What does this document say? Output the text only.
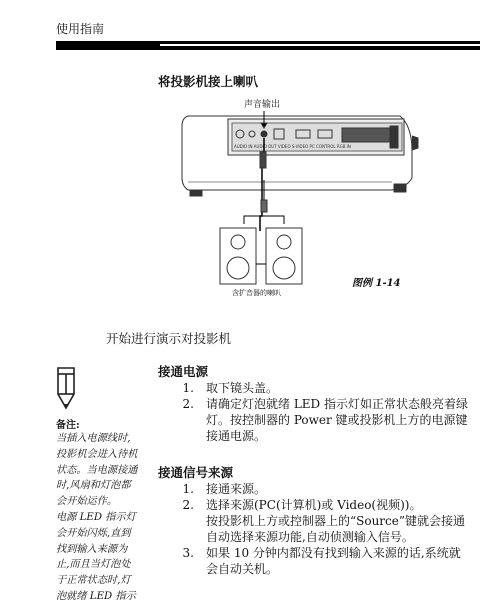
使用指南
将投影机接上喇叭
AUDIO IN AUDIO OUT VIDEO S-VIDEO PC CONTROL RGB IN
声音输出
含扩音器的喇叭
图例 1-14
开始进行演示对投影机
备注:
当插入电源线时,
投影机会进入待机
状态。当电源接通
时,风扇和灯泡都
会开始运作。
电源 LED 指示灯
会开始闪烁,直到
找到输入来源为
止,而且当灯泡处
于正常状态时,灯
泡就绪 LED 指示
接通电源
1. 取下镜头盖。
2. 请确定灯泡就绪 LED 指示灯如正常状态般亮着绿
灯。按控制器的 Power 键或投影机上方的电源键
接通电源。
接通信号来源
1. 接通来源。
2. 选择来源(PC(计算机)或 Video(视频))。
按投影机上方或控制器上的“Source”键就会接通
自动选择来源功能,自动侦测输入信号。
3. 如果 10 分钟内都没有找到输入来源的话,系统就
会自动关机。
